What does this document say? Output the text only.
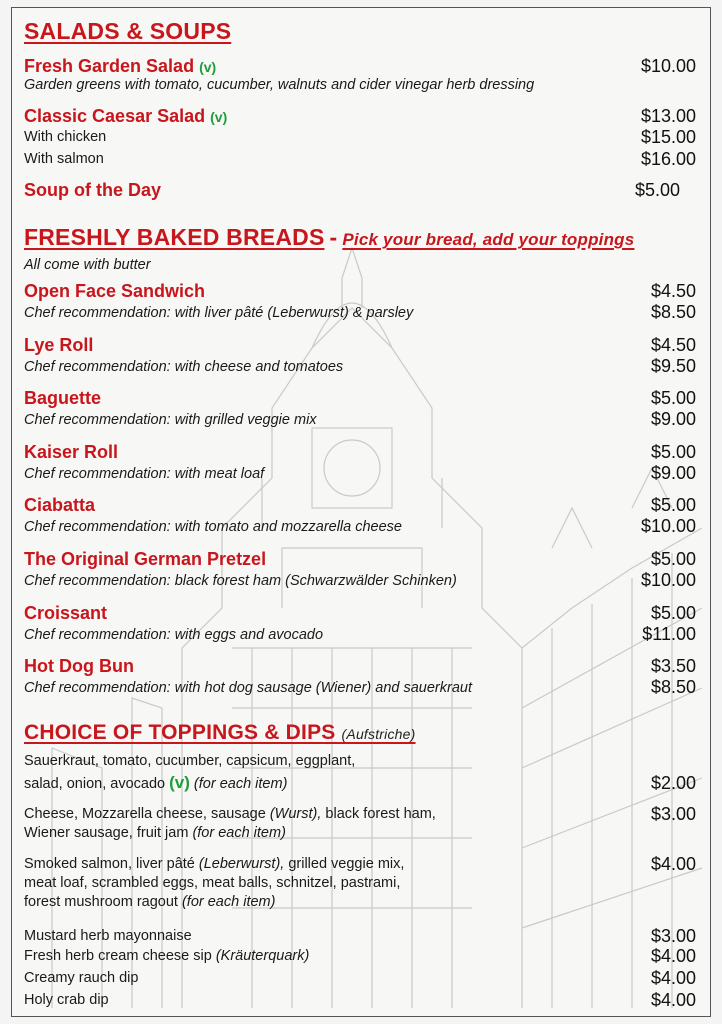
SALADS & SOUPS
Fresh Garden Salad (v)	$10.00
Garden greens with tomato, cucumber, walnuts and cider vinegar herb dressing
Classic Caesar Salad (v)	$13.00
With chicken	$15.00
With salmon	$16.00
Soup of the Day	$5.00
FRESHLY BAKED BREADS - Pick your bread, add your toppings
All come with butter
Open Face Sandwich	$4.50
Chef recommendation: with liver pâté (Leberwurst) & parsley	$8.50
Lye Roll	$4.50
Chef recommendation: with cheese and tomatoes	$9.50
Baguette	$5.00
Chef recommendation: with grilled veggie mix	$9.00
Kaiser Roll	$5.00
Chef recommendation: with meat loaf	$9.00
Ciabatta	$5.00
Chef recommendation: with tomato and mozzarella cheese	$10.00
The Original German Pretzel	$5.00
Chef recommendation: black forest ham (Schwarzwälder Schinken)	$10.00
Croissant	$5.00
Chef recommendation: with eggs and avocado	$11.00
Hot Dog Bun	$3.50
Chef recommendation: with hot dog sausage (Wiener) and sauerkraut	$8.50
CHOICE OF TOPPINGS & DIPS (Aufstriche)
Sauerkraut, tomato, cucumber, capsicum, eggplant,
salad, onion, avocado (v) (for each item)	$2.00
Cheese, Mozzarella cheese, sausage (Wurst), black forest ham,	$3.00
Wiener sausage, fruit jam (for each item)
Smoked salmon, liver pâté (Leberwurst), grilled veggie mix,	$4.00
meat loaf, scrambled eggs, meat balls, schnitzel, pastrami,
forest mushroom ragout (for each item)
Mustard herb mayonnaise	$3.00
Fresh herb cream cheese sip (Kräuterquark)	$4.00
Creamy rauch dip	$4.00
Holy crab dip	$4.00
